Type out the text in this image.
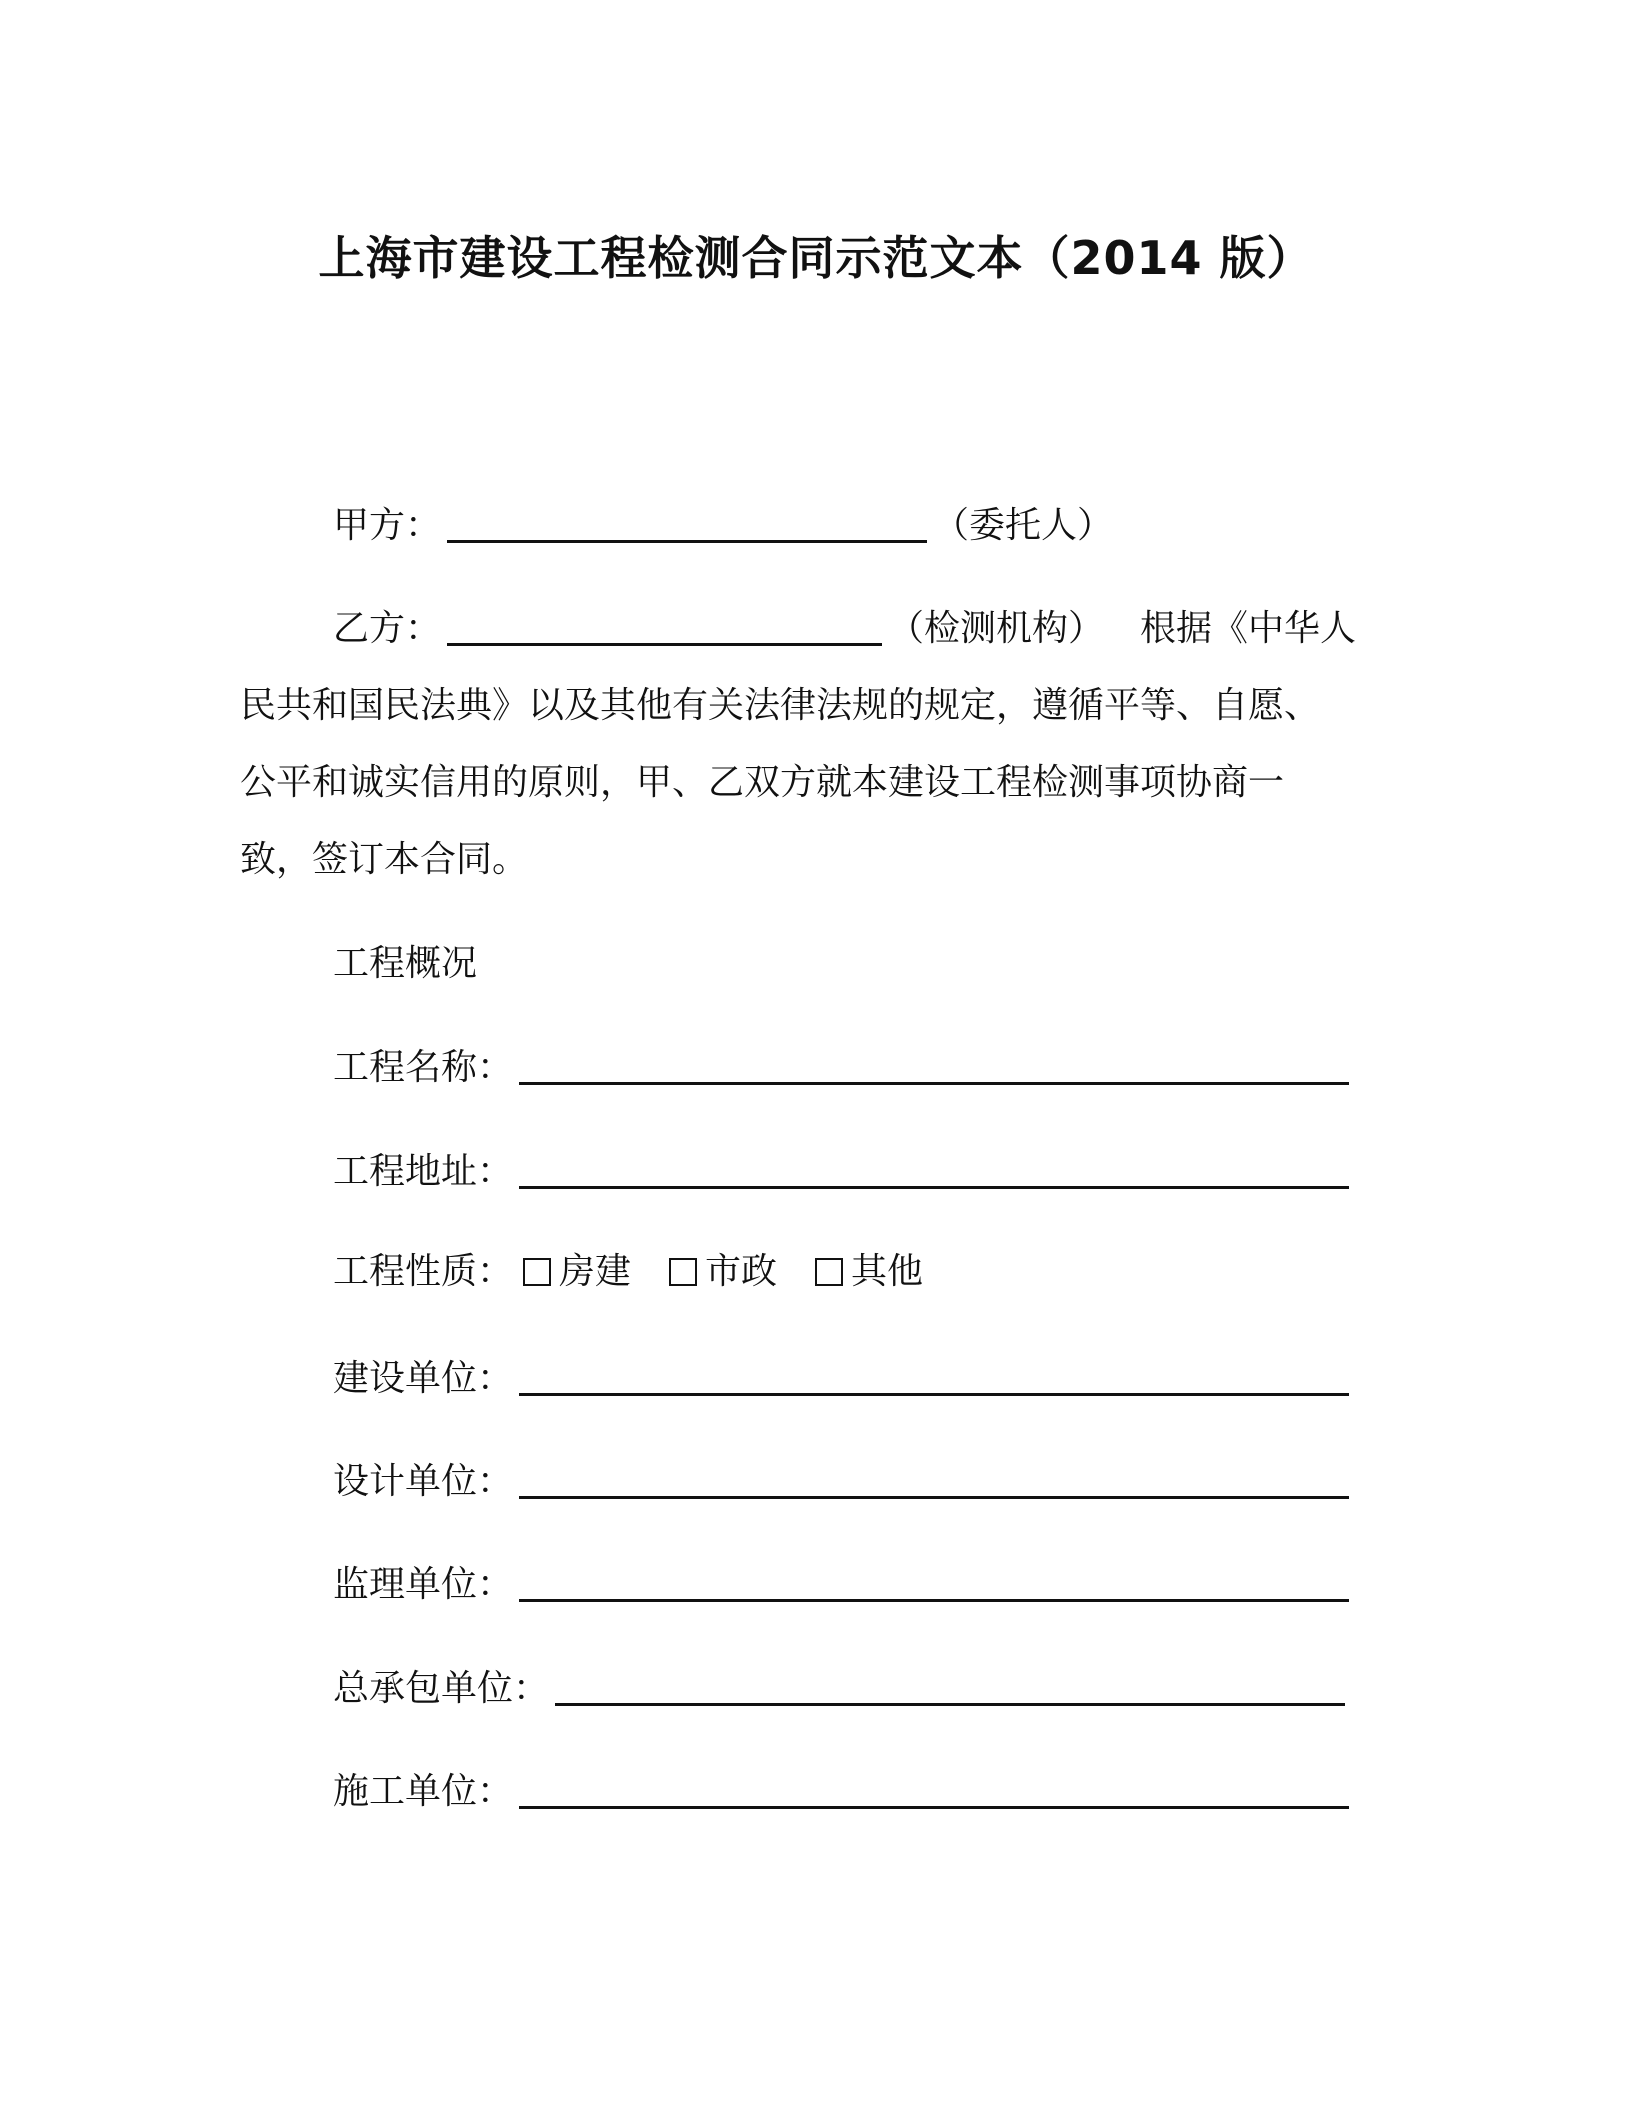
上海市建设工程检测合同示范文本（2014 版）
甲方：	（委托人）
乙方：	（检测机构） 根据《中华人
民共和国民法典》以及其他有关法律法规的规定，遵循平等、自愿、
公平和诚实信用的原则，甲、乙双方就本建设工程检测事项协商一
致，签订本合同。
工程概况
工程名称：
工程地址：
工程性质： 房建 市政 其他
建设单位：
设计单位：
监理单位：
总承包单位：
施工单位：
